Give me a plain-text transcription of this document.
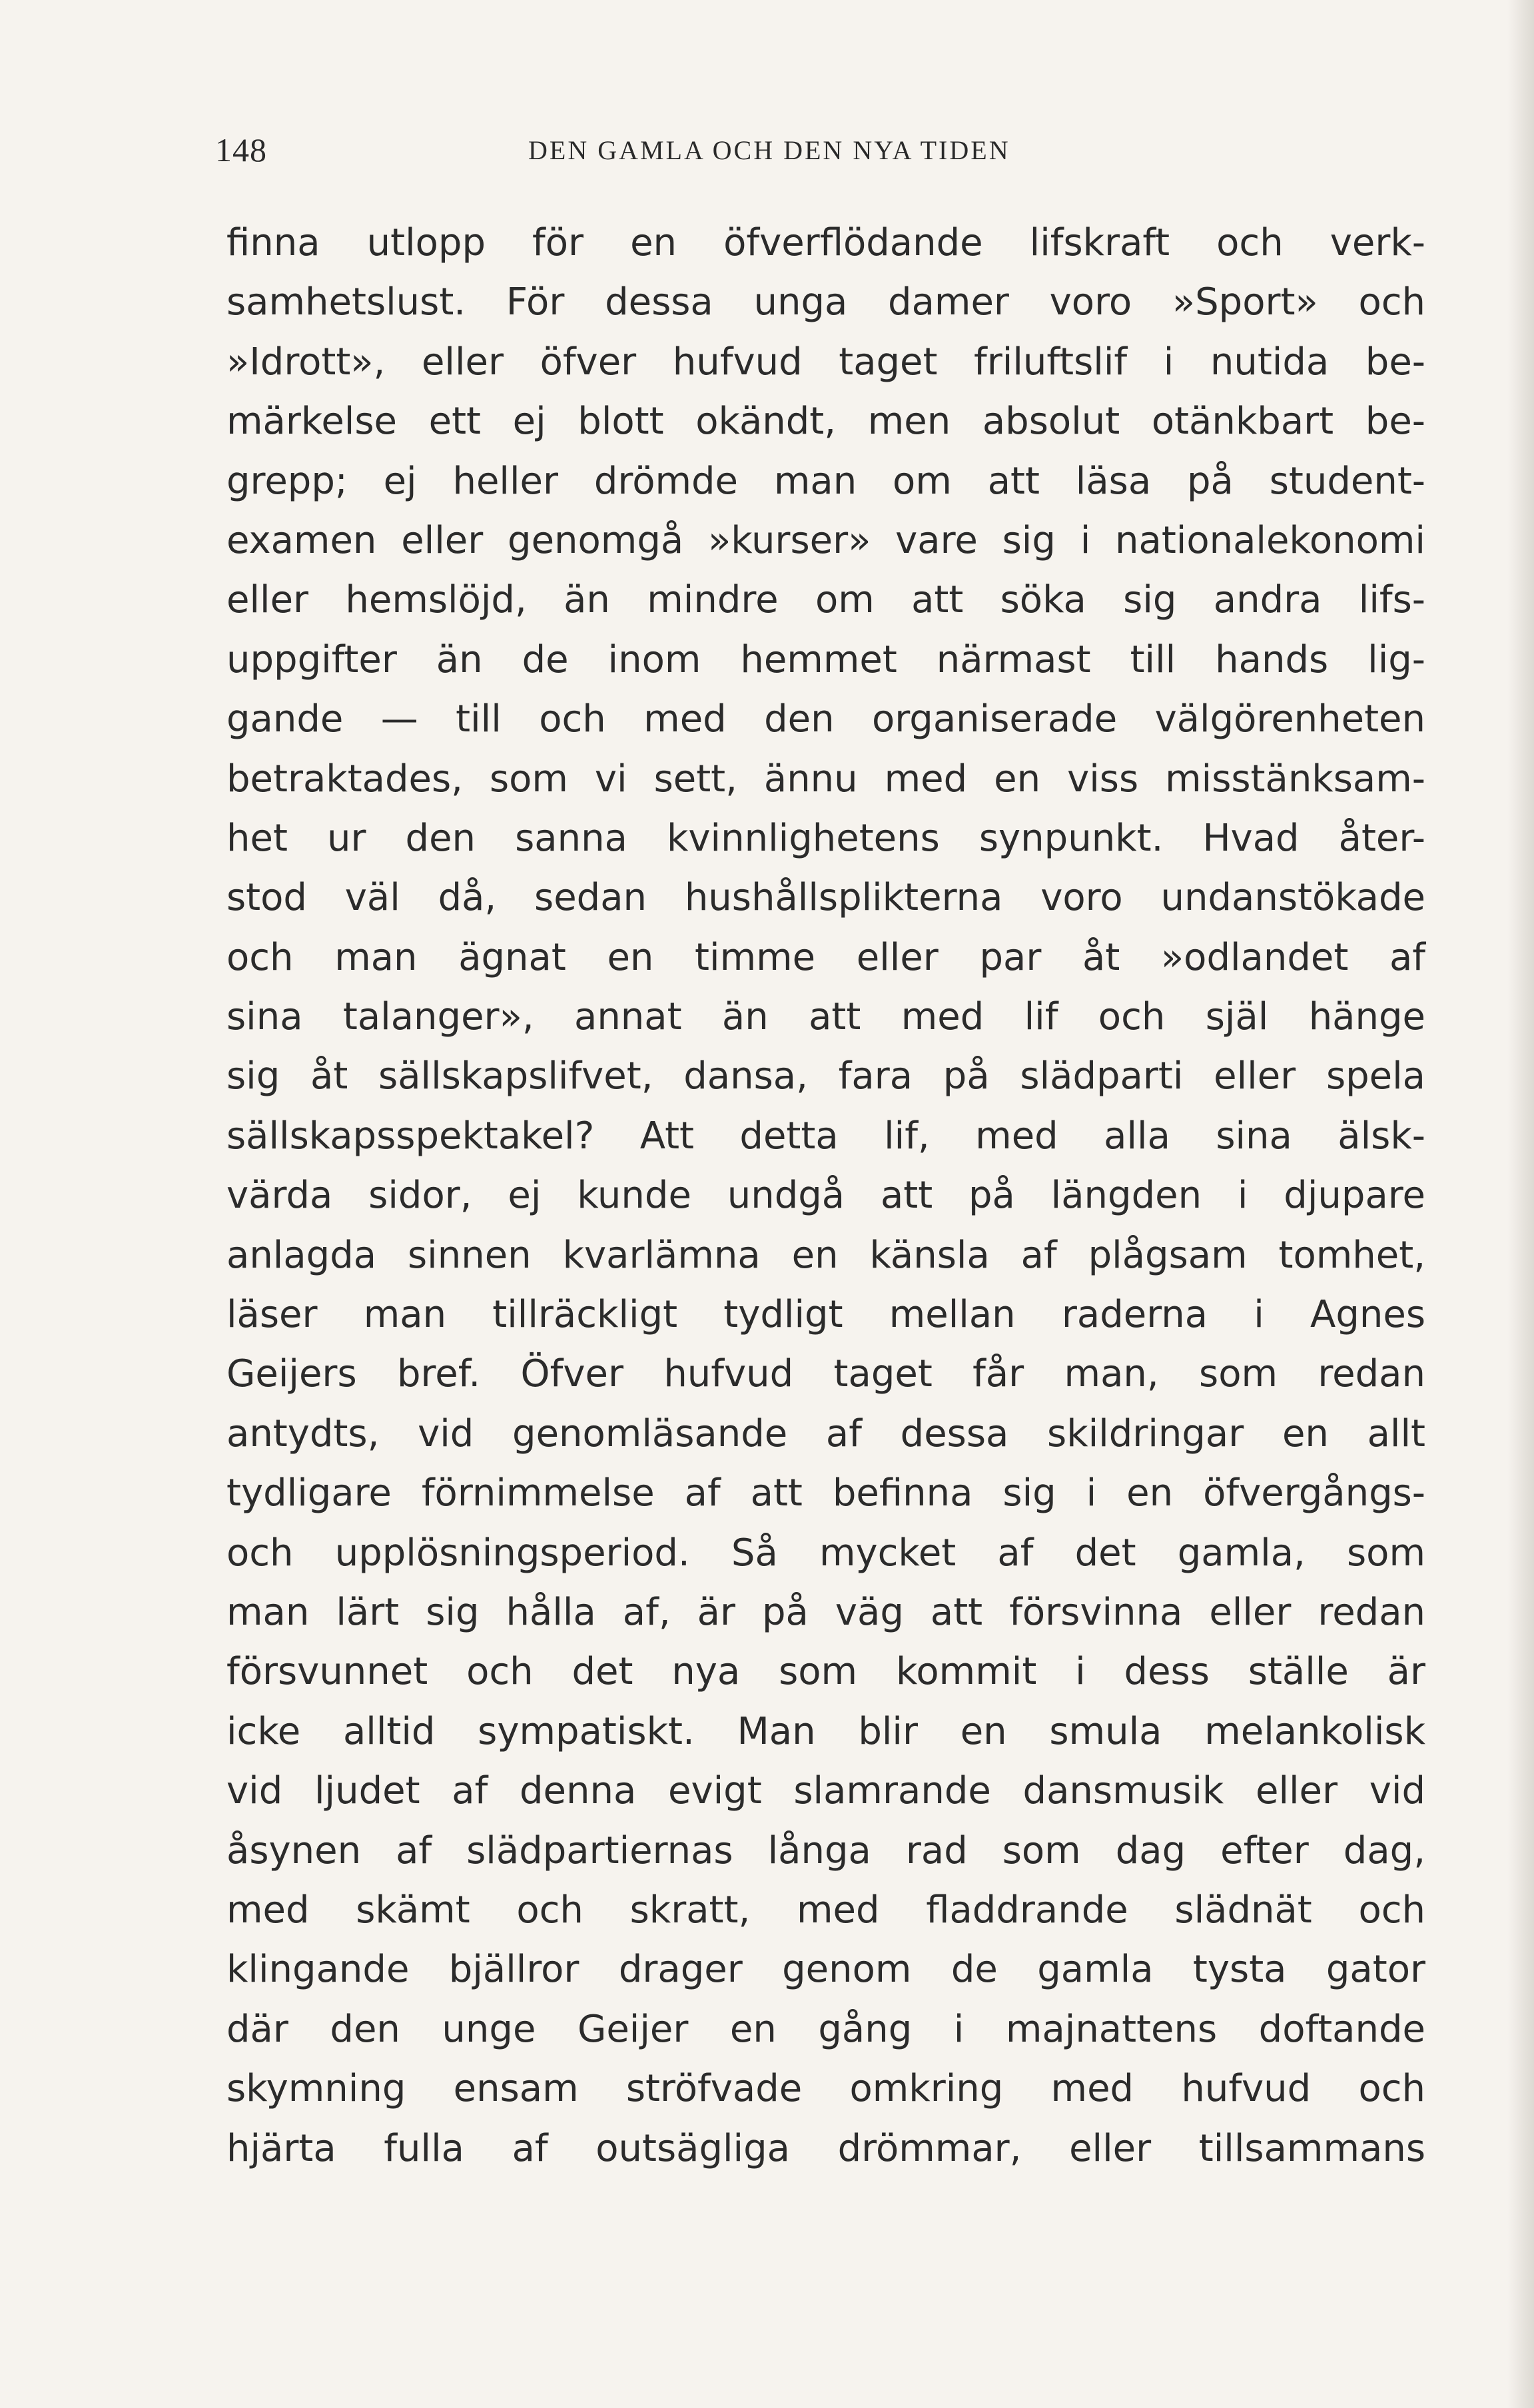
148	DEN GAMLA OCH DEN NYA TIDEN
finna utlopp för en öfverflödande lifskraft och verk-
samhetslust. För dessa unga damer voro »Sport» och
»Idrott», eller öfver hufvud taget friluftslif i nutida be-
märkelse ett ej blott okändt, men absolut otänkbart be-
grepp; ej heller drömde man om att läsa på student-
examen eller genomgå »kurser» vare sig i nationalekonomi
eller hemslöjd, än mindre om att söka sig andra lifs-
uppgifter än de inom hemmet närmast till hands lig-
gande — till och med den organiserade välgörenheten
betraktades, som vi sett, ännu med en viss misstänksam-
het ur den sanna kvinnlighetens synpunkt. Hvad åter-
stod väl då, sedan hushållsplikterna voro undanstökade
och man ägnat en timme eller par åt »odlandet af
sina talanger», annat än att med lif och själ hänge
sig åt sällskapslifvet, dansa, fara på slädparti eller spela
sällskapsspektakel? Att detta lif, med alla sina älsk-
värda sidor, ej kunde undgå att på längden i djupare
anlagda sinnen kvarlämna en känsla af plågsam tomhet,
läser man tillräckligt tydligt mellan raderna i Agnes
Geijers bref. Öfver hufvud taget får man, som redan
antydts, vid genomläsande af dessa skildringar en allt
tydligare förnimmelse af att befinna sig i en öfvergångs-
och upplösningsperiod. Så mycket af det gamla, som
man lärt sig hålla af, är på väg att försvinna eller redan
försvunnet och det nya som kommit i dess ställe är
icke alltid sympatiskt. Man blir en smula melankolisk
vid ljudet af denna evigt slamrande dansmusik eller vid
åsynen af slädpartiernas långa rad som dag efter dag,
med skämt och skratt, med fladdrande slädnät och
klingande bjällror drager genom de gamla tysta gator
där den unge Geijer en gång i majnattens doftande
skymning ensam ströfvade omkring med hufvud och
hjärta fulla af outsägliga drömmar, eller tillsammans
